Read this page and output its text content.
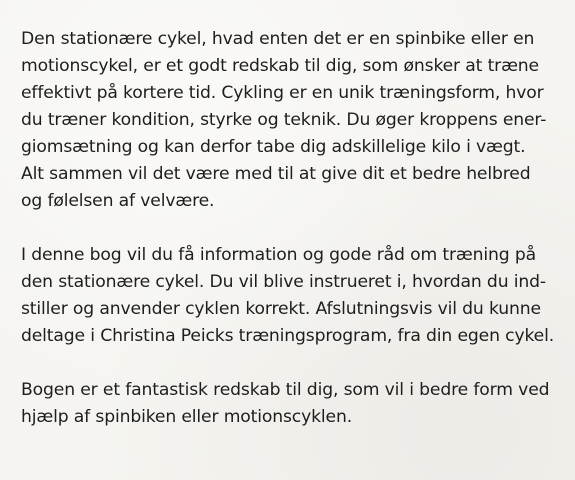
Den stationære cykel, hvad enten det er en spinbike eller en
motionscykel, er et godt redskab til dig, som ønsker at træne
effektivt på kortere tid. Cykling er en unik træningsform, hvor
du træner kondition, styrke og teknik. Du øger kroppens ener-
giomsætning og kan derfor tabe dig adskillelige kilo i vægt.
Alt sammen vil det være med til at give dit et bedre helbred
og følelsen af velvære.

I denne bog vil du få information og gode råd om træning på
den stationære cykel. Du vil blive instrueret i, hvordan du ind-
stiller og anvender cyklen korrekt. Afslutningsvis vil du kunne
deltage i Christina Peicks træningsprogram, fra din egen cykel.

Bogen er et fantastisk redskab til dig, som vil i bedre form ved
hjælp af spinbiken eller motionscyklen.
